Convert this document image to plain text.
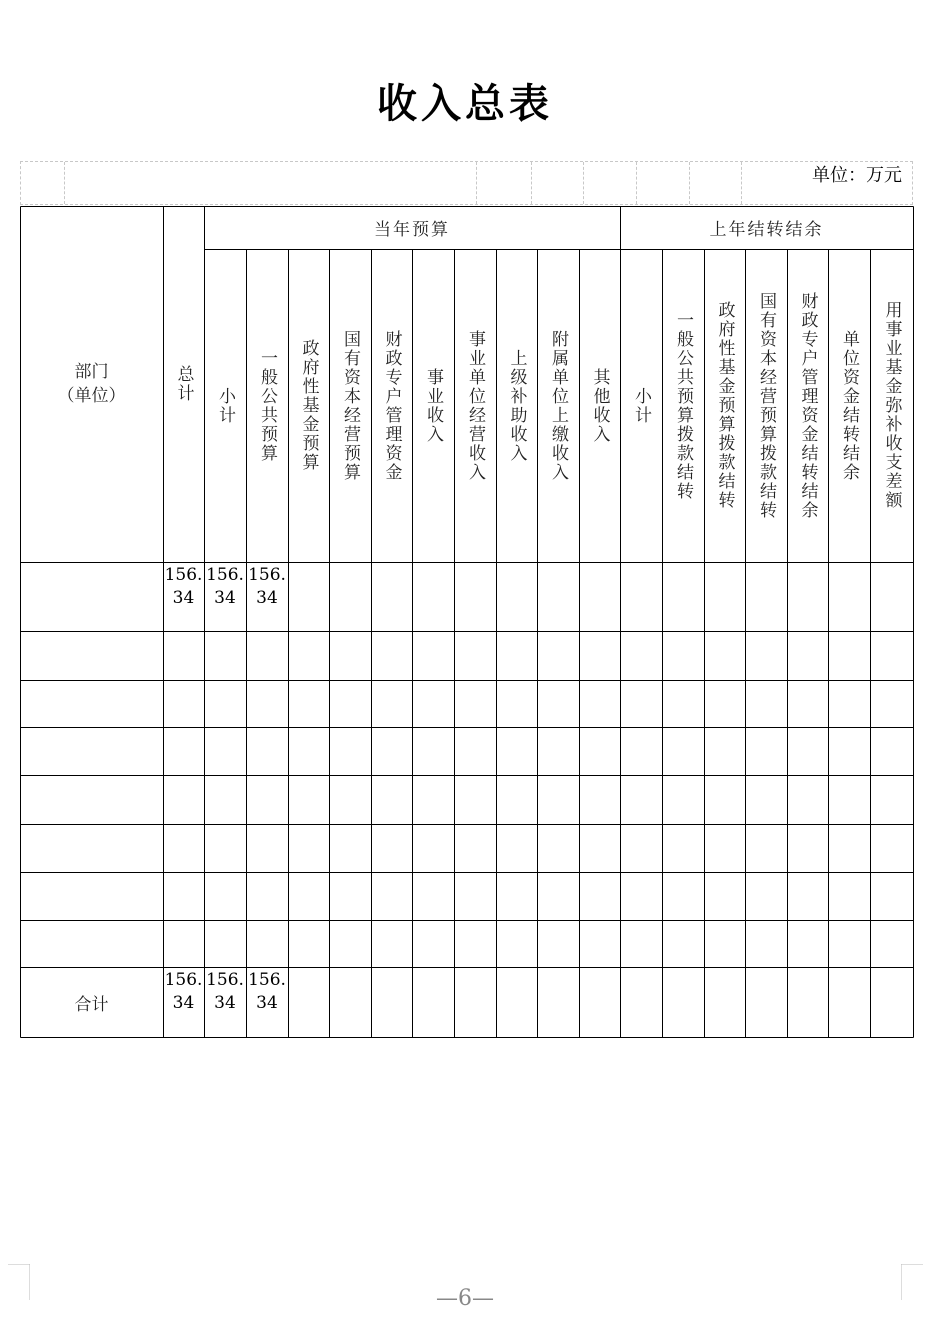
收入总表
单位：万元
部门
（单位）	总计
当年预算	上年结转结余
小计 一般公共预算 政府性基金预算 国有资本经营预算 财政专户管理资金 事业收入 事业单位经营收入 上级补助收入 附属单位上缴收入 其他收入 小计 一般公共预算拨款结转 政府性基金预算拨款结转 国有资本经营预算拨款结转 财政专户管理资金结转结余 单位资金结转结余 用事业基金弥补收支差额
156.34
156.34
156.34
合计
156.34
156.34
156.34
—6—
